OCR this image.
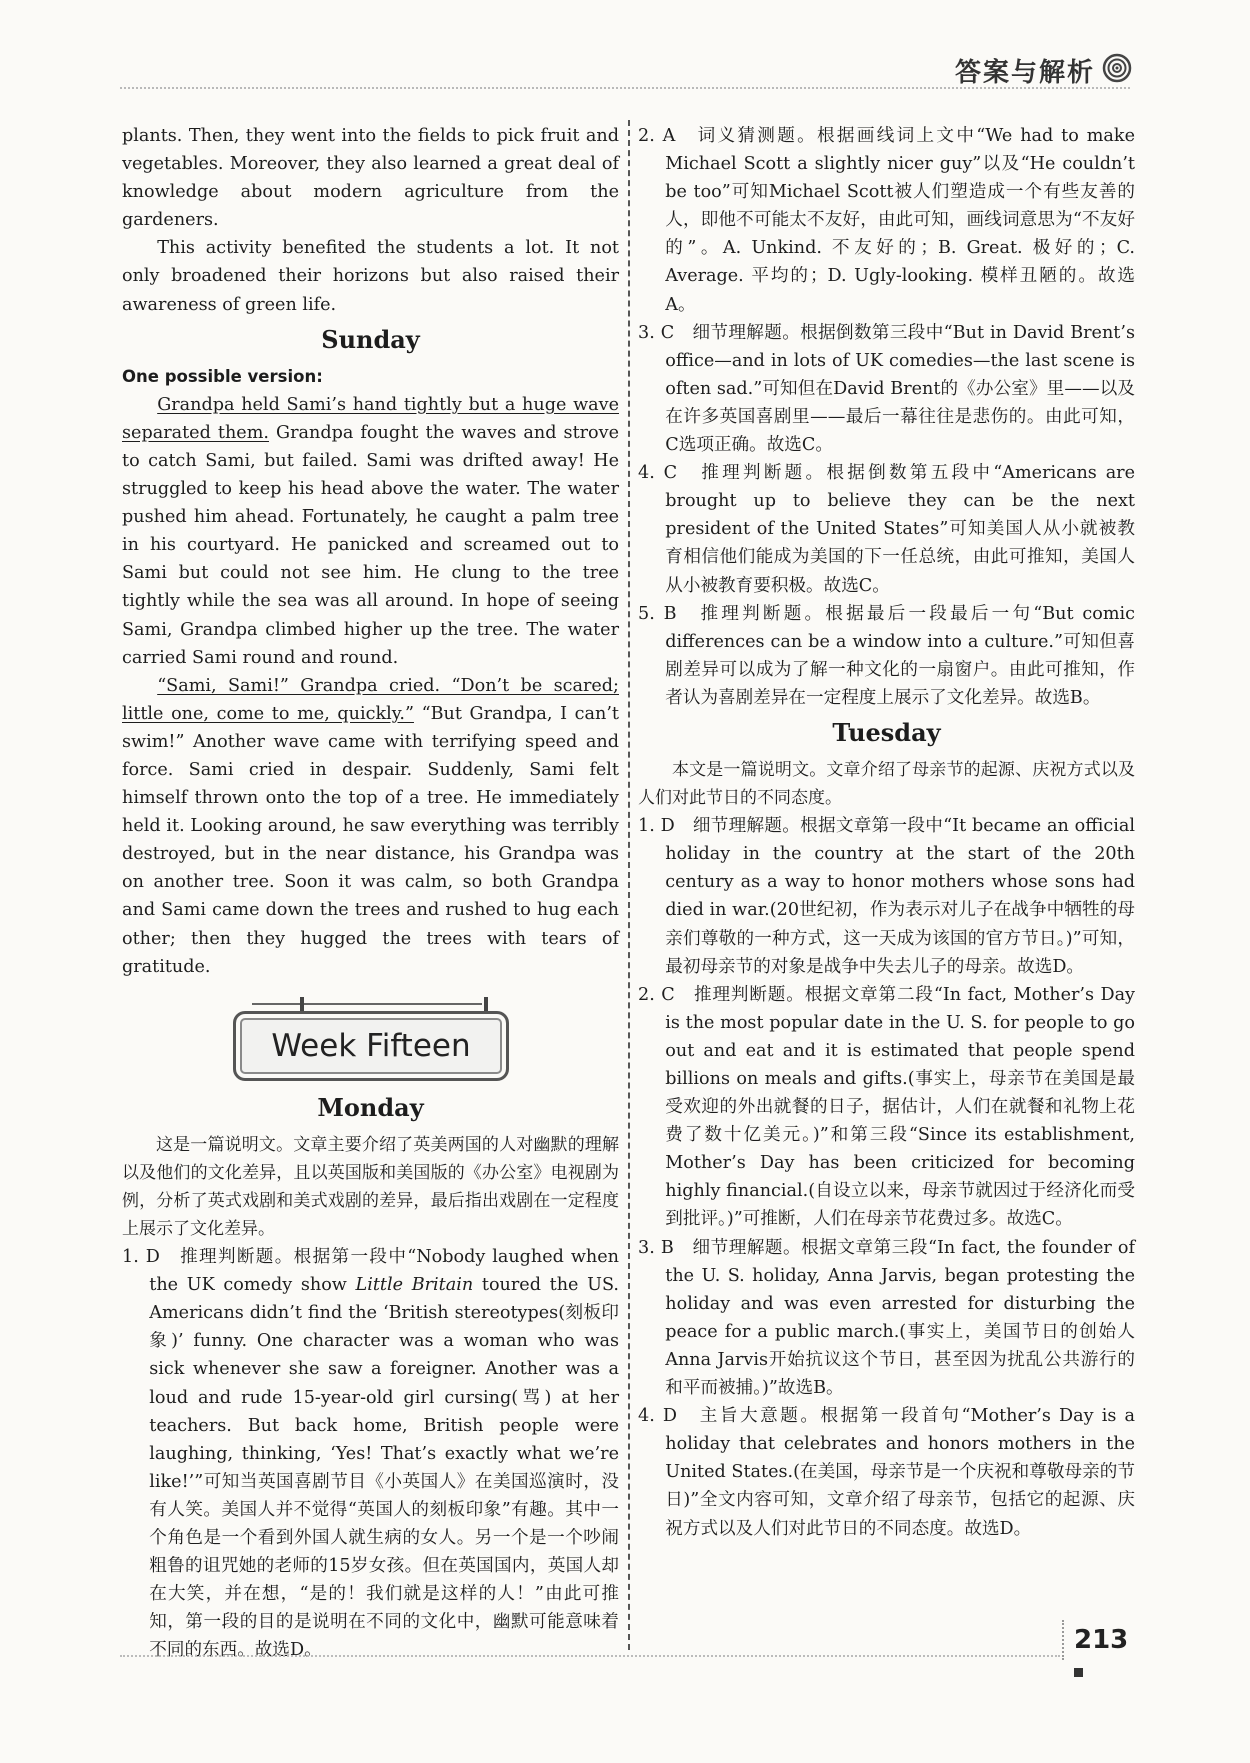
答案与解析

plants. Then, they went into the fields to pick fruit and vegetables. Moreover, they also learned a great deal of knowledge about modern agriculture from the gardeners.

This activity benefited the students a lot. It not only broadened their horizons but also raised their awareness of green life.

Sunday

One possible version:

Grandpa held Sami’s hand tightly but a huge wave separated them. Grandpa fought the waves and strove to catch Sami, but failed. Sami was drifted away! He struggled to keep his head above the water. The water pushed him ahead. Fortunately, he caught a palm tree in his courtyard. He panicked and screamed out to Sami but could not see him. He clung to the tree tightly while the sea was all around. In hope of seeing Sami, Grandpa climbed higher up the tree. The water carried Sami round and round.

“Sami, Sami!” Grandpa cried. “Don’t be scared; little one, come to me, quickly.” “But Grandpa, I can’t swim!” Another wave came with terrifying speed and force. Sami cried in despair. Suddenly, Sami felt himself thrown onto the top of a tree. He immediately held it. Looking around, he saw everything was terribly destroyed, but in the near distance, his Grandpa was on another tree. Soon it was calm, so both Grandpa and Sami came down the trees and rushed to hug each other; then they hugged the trees with tears of gratitude.

Week Fifteen
Monday

这是一篇说明文。文章主要介绍了英美两国的人对幽默的理解以及他们的文化差异，且以英国版和美国版的《办公室》电视剧为例，分析了英式戏剧和美式戏剧的差异，最后指出戏剧在一定程度上展示了文化差异。

1. D　推理判断题。根据第一段中“Nobody laughed when the UK comedy show Little Britain toured the US. Americans didn’t find the ‘British stereotypes(刻板印象)’ funny. One character was a woman who was sick whenever she saw a foreigner. Another was a loud and rude 15-year-old girl cursing(骂) at her teachers. But back home, British people were laughing, thinking, ‘Yes! That’s exactly what we’re like!’”可知当英国喜剧节目《小英国人》在美国巡演时，没有人笑。美国人并不觉得“英国人的刻板印象”有趣。其中一个角色是一个看到外国人就生病的女人。另一个是一个吵闹粗鲁的诅咒她的老师的15岁女孩。但在英国国内，英国人却在大笑，并在想，“是的！我们就是这样的人！”由此可推知，第一段的目的是说明在不同的文化中，幽默可能意味着不同的东西。故选D。

2. A　词义猜测题。根据画线词上文中“We had to make Michael Scott a slightly nicer guy”以及“He couldn’t be too”可知Michael Scott被人们塑造成一个有些友善的人，即他不可能太不友好，由此可知，画线词意思为“不友好的”。A. Unkind. 不友好的；B. Great. 极好的；C. Average. 平均的；D. Ugly-looking. 模样丑陋的。故选A。

3. C　细节理解题。根据倒数第三段中“But in David Brent’s office—and in lots of UK comedies—the last scene is often sad.”可知但在David Brent的《办公室》里——以及在许多英国喜剧里——最后一幕往往是悲伤的。由此可知，C选项正确。故选C。

4. C　推理判断题。根据倒数第五段中“Americans are brought up to believe they can be the next president of the United States”可知美国人从小就被教育相信他们能成为美国的下一任总统，由此可推知，美国人从小被教育要积极。故选C。

5. B　推理判断题。根据最后一段最后一句“But comic differences can be a window into a culture.”可知但喜剧差异可以成为了解一种文化的一扇窗户。由此可推知，作者认为喜剧差异在一定程度上展示了文化差异。故选B。

Tuesday

本文是一篇说明文。文章介绍了母亲节的起源、庆祝方式以及人们对此节日的不同态度。

1. D　细节理解题。根据文章第一段中“It became an official holiday in the country at the start of the 20th century as a way to honor mothers whose sons had died in war.(20世纪初，作为表示对儿子在战争中牺牲的母亲们尊敬的一种方式，这一天成为该国的官方节日。)”可知，最初母亲节的对象是战争中失去儿子的母亲。故选D。

2. C　推理判断题。根据文章第二段“In fact, Mother’s Day is the most popular date in the U. S. for people to go out and eat and it is estimated that people spend billions on meals and gifts.(事实上，母亲节在美国是最受欢迎的外出就餐的日子，据估计，人们在就餐和礼物上花费了数十亿美元。)”和第三段“Since its establishment, Mother’s Day has been criticized for becoming highly financial.(自设立以来，母亲节就因过于经济化而受到批评。)”可推断，人们在母亲节花费过多。故选C。

3. B　细节理解题。根据文章第三段“In fact, the founder of the U. S. holiday, Anna Jarvis, began protesting the holiday and was even arrested for disturbing the peace for a public march.(事实上，美国节日的创始人Anna Jarvis开始抗议这个节日，甚至因为扰乱公共游行的和平而被捕。)”故选B。

4. D　主旨大意题。根据第一段首句“Mother’s Day is a holiday that celebrates and honors mothers in the United States.(在美国，母亲节是一个庆祝和尊敬母亲的节日)”全文内容可知，文章介绍了母亲节，包括它的起源、庆祝方式以及人们对此节日的不同态度。故选D。

213
